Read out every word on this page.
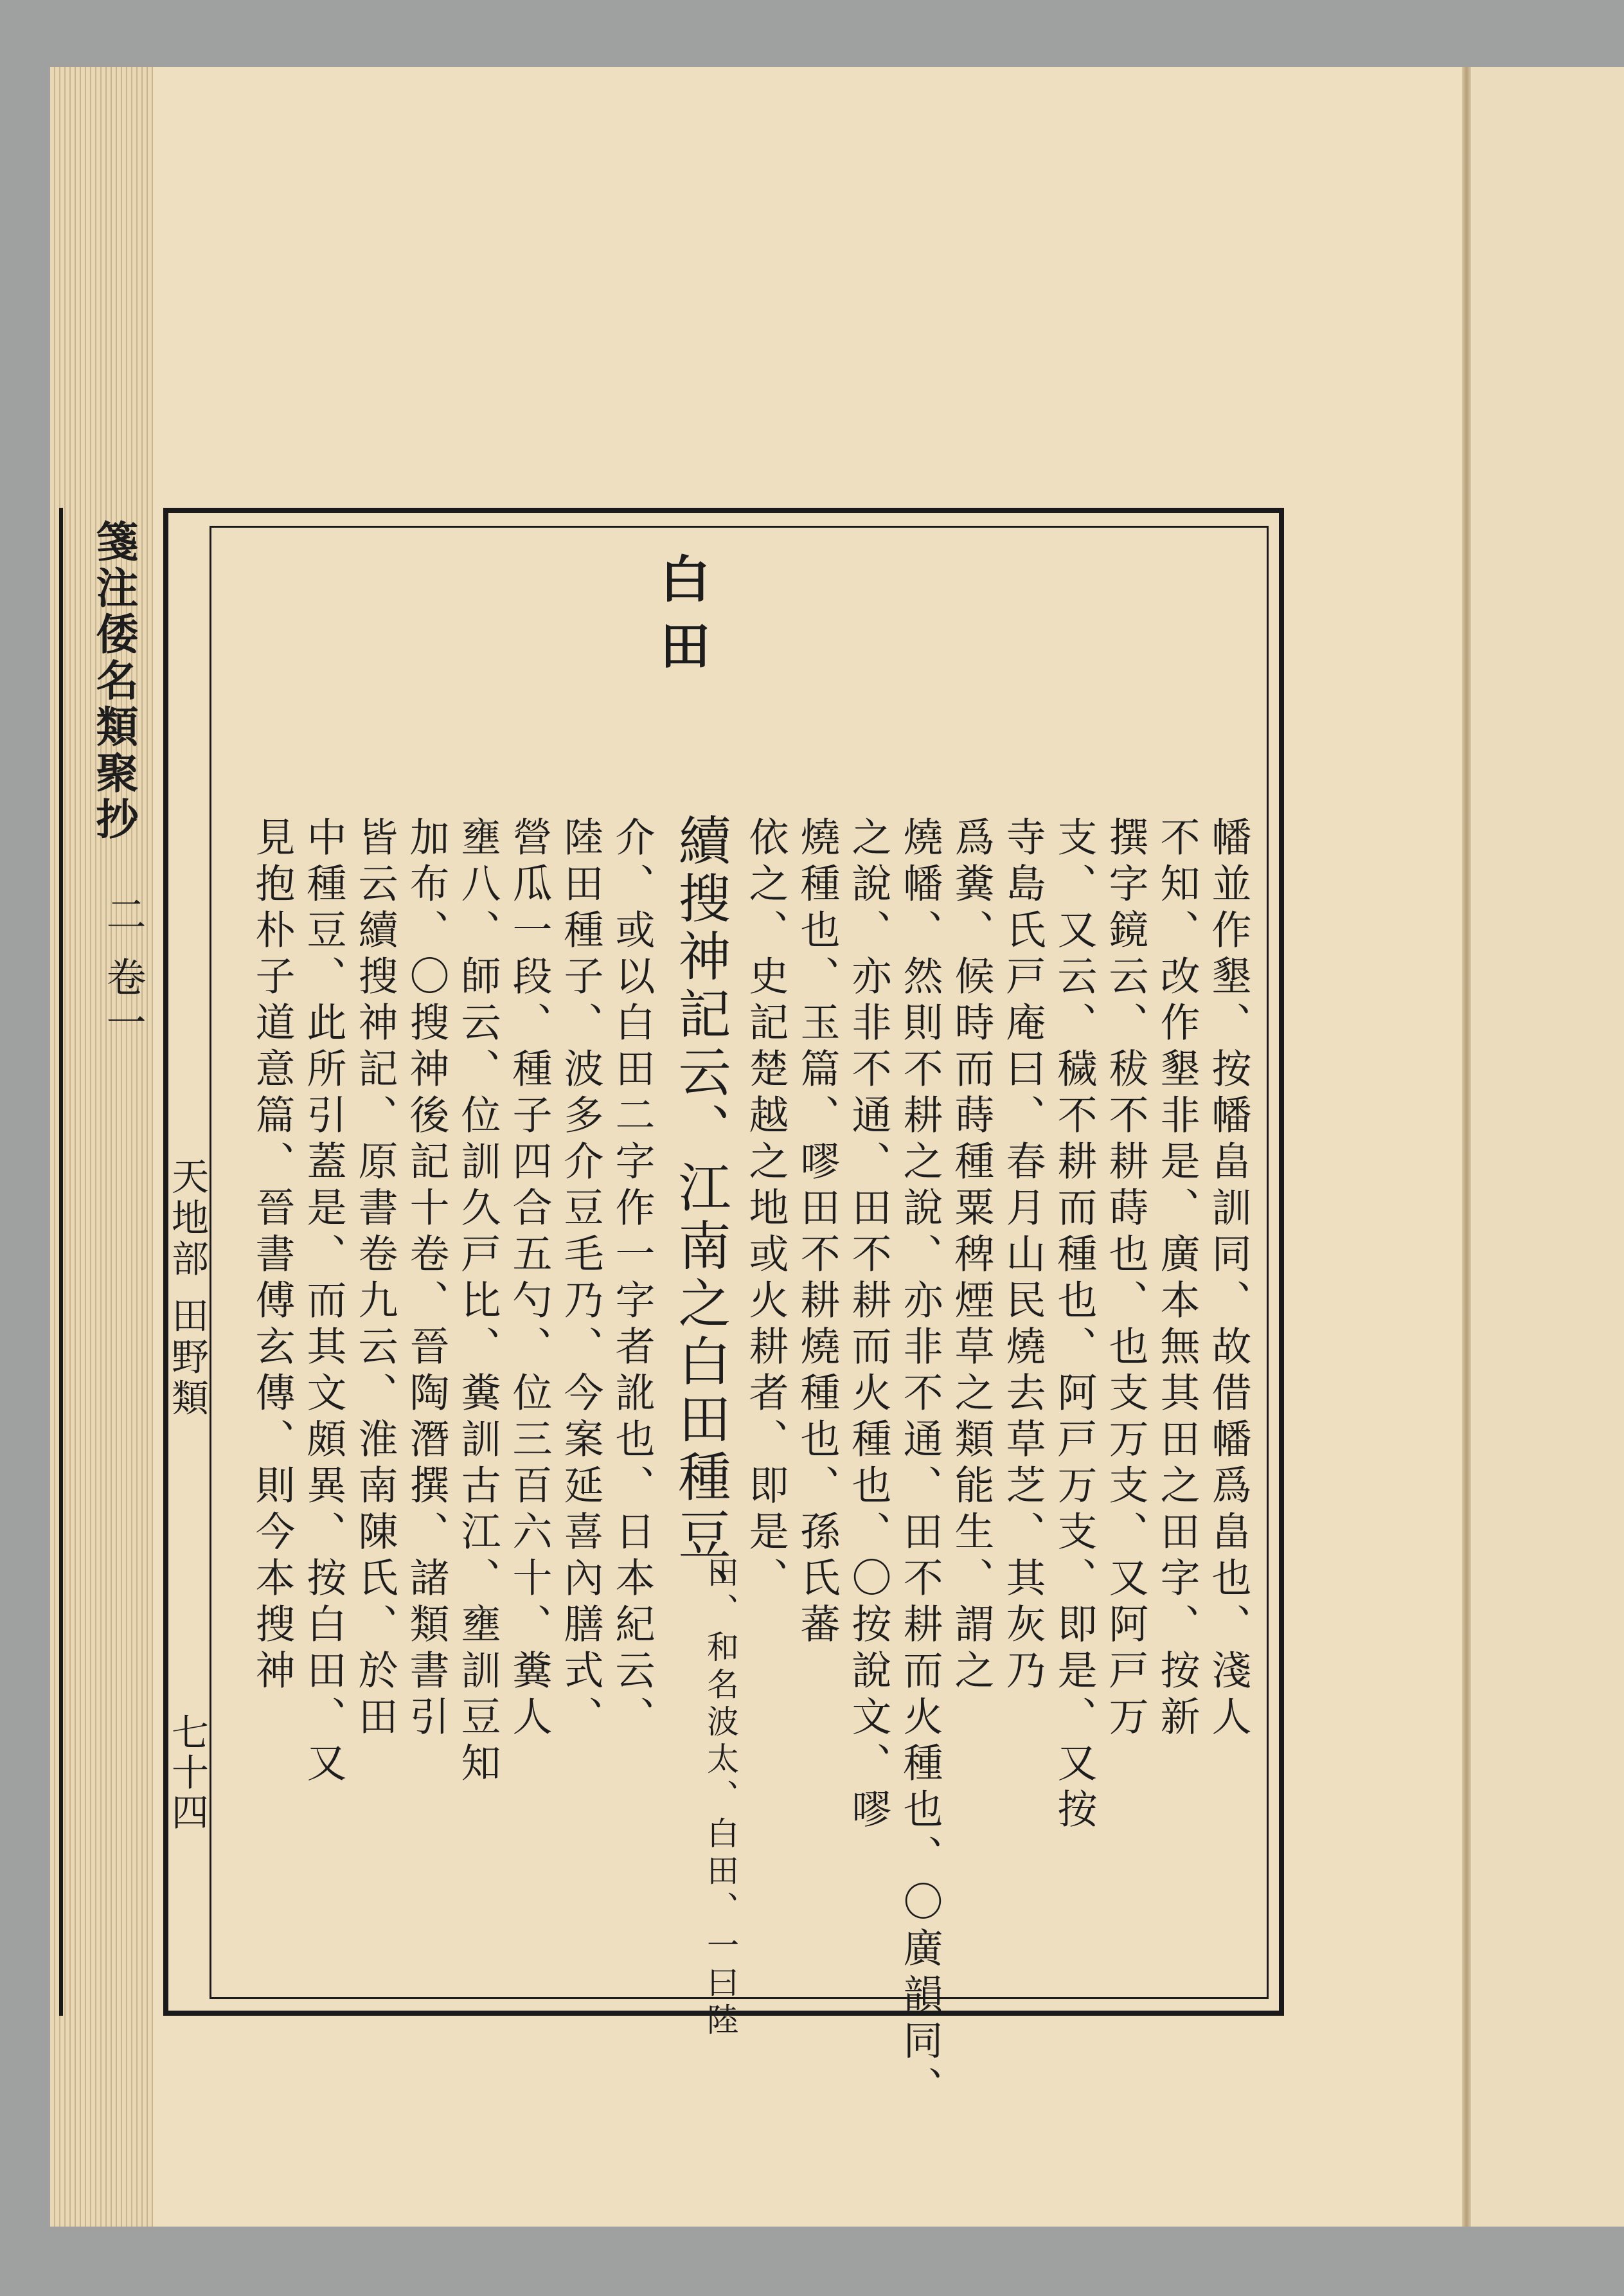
箋注倭名類聚抄
二 卷一
天地部 田野類
七十四
白田
幡並作墾、按幡畠訓同、故借幡爲畠也、淺人
不知、改作墾非是、廣本無其田之田字、按新
撰字鏡云、秡不耕蒔也、也支万支、又阿戸万
支、又云、穢不耕而種也、阿戸万支、即是、又按
寺島氏戸庵曰、春月山民燒去草芝、其灰乃
爲糞、候時而蒔種粟稗煙草之類能生、謂之
燒幡、然則不耕之說、亦非不通、田不耕而火種也、〇廣韻同、
之說、亦非不通、田不耕而火種也、〇按說文、嘐
燒種也、玉篇、嘐田不耕燒種也、孫氏蕃
依之、史記楚越之地或火耕者、即是、
續搜神記云、江南之白田種豆、
田、和名波太、白田、一曰陸
介、或以白田二字作一字者訛也、日本紀云、
陸田種子、波多介豆毛乃、今案延喜內膳式、
營瓜一段、種子四合五勺、位三百六十、糞人
壅八、師云、位訓久戸比、糞訓古江、壅訓豆知
加布、〇搜神後記十卷、晉陶潛撰、諸類書引
皆云續搜神記、原書卷九云、淮南陳氏、於田
中種豆、此所引蓋是、而其文頗異、按白田、又
見抱朴子道意篇、晉書傅玄傳、則今本搜神
